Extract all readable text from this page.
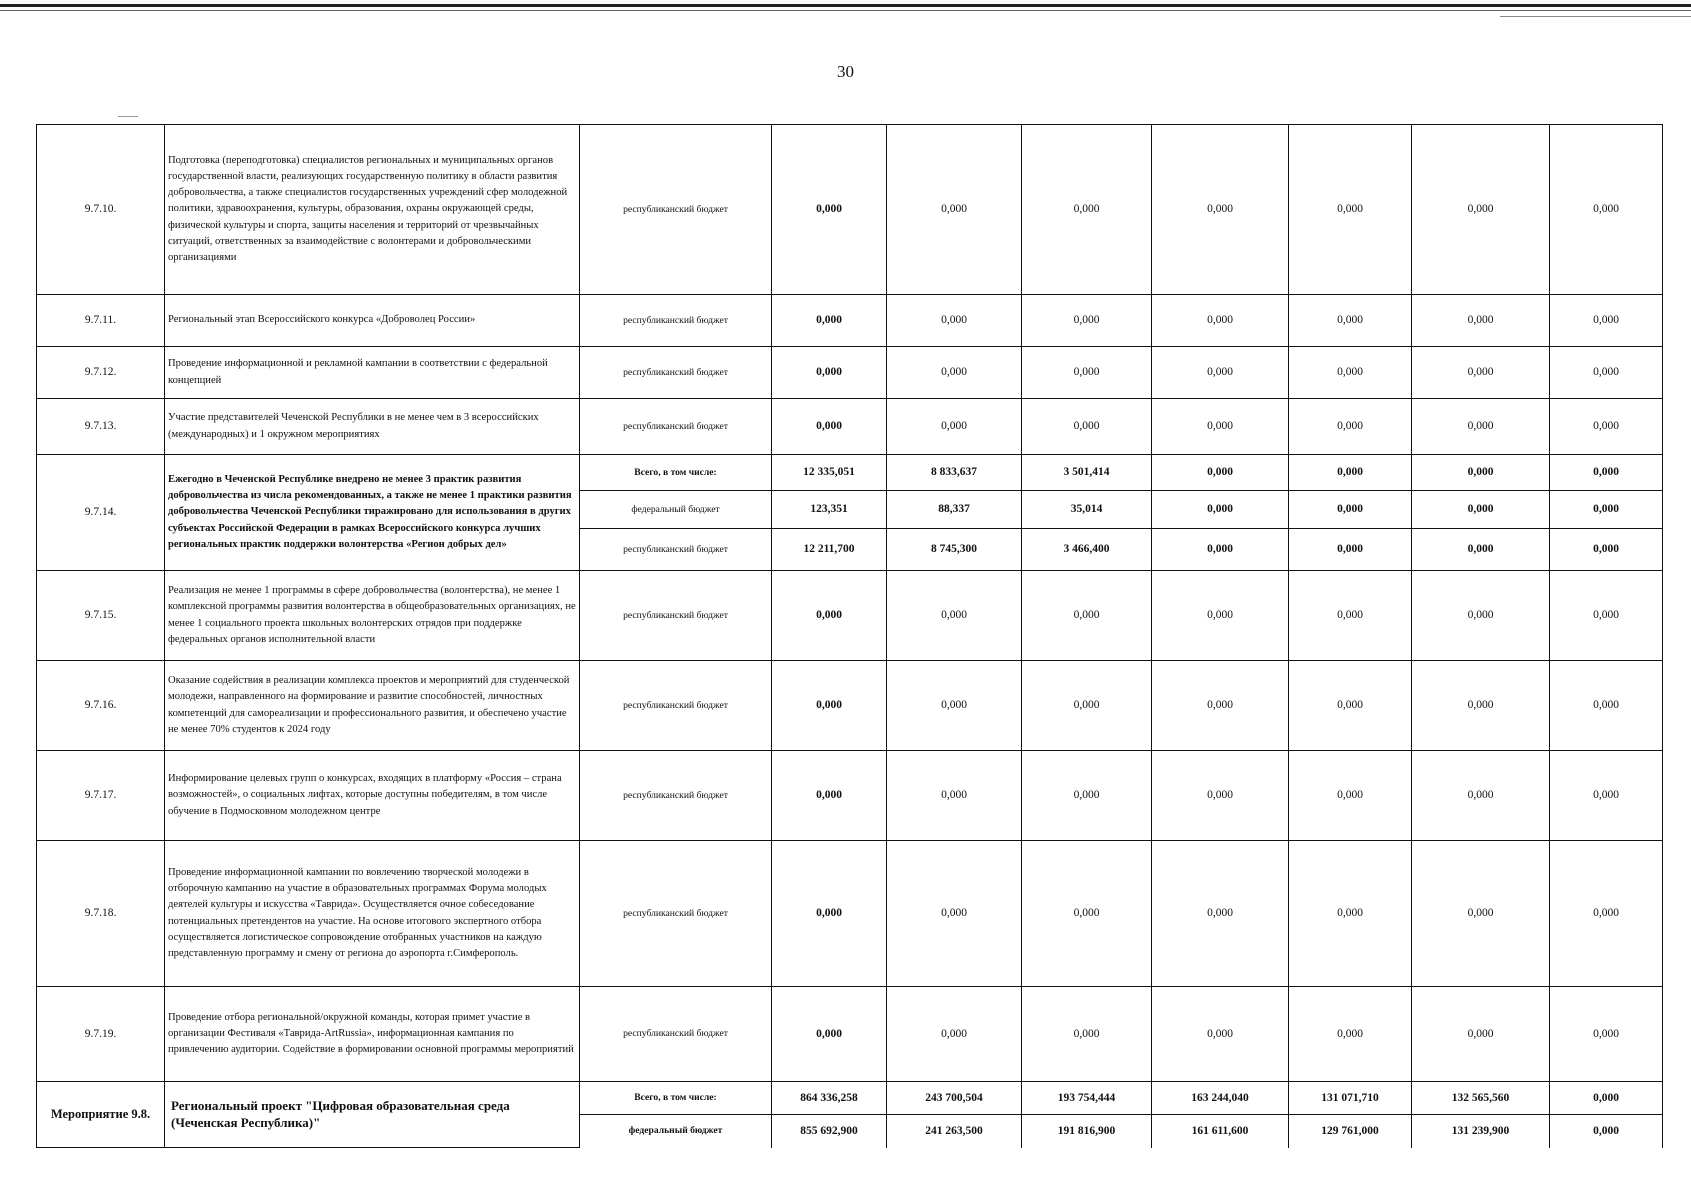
30
9.7.10.	Подготовка (переподготовка) специалистов региональных и муниципальных органов государственной власти, реализующих государственную политику в области развития добровольчества, а также специалистов государственных учреждений сфер молодежной политики, здравоохранения, культуры, образования, охраны окружающей среды, физической культуры и спорта, защиты населения и территорий от чрезвычайных ситуаций, ответственных за взаимодействие с волонтерами и добровольческими организациями	республиканский бюджет	0,000	0,000	0,000	0,000	0,000	0,000	0,000
9.7.11.	Региональный этап Всероссийского конкурса «Доброволец России»	республиканский бюджет	0,000	0,000	0,000	0,000	0,000	0,000	0,000
9.7.12.	Проведение информационной и рекламной кампании в соответствии с федеральной концепцией	республиканский бюджет	0,000	0,000	0,000	0,000	0,000	0,000	0,000
9.7.13.	Участие представителей Чеченской Республики в не менее чем в 3 всероссийских (международных) и 1 окружном мероприятиях	республиканский бюджет	0,000	0,000	0,000	0,000	0,000	0,000	0,000
9.7.14.	Ежегодно в Чеченской Республике внедрено не менее 3 практик развития добровольчества из числа рекомендованных, а также не менее 1 практики развития добровольчества Чеченской Республики тиражировано для использования в других субъектах Российской Федерации в рамках Всероссийского конкурса лучших региональных практик поддержки волонтерства «Регион добрых дел»	Всего, в том числе:	12 335,051	8 833,637	3 501,414	0,000	0,000	0,000	0,000
		федеральный бюджет	123,351	88,337	35,014	0,000	0,000	0,000	0,000
		республиканский бюджет	12 211,700	8 745,300	3 466,400	0,000	0,000	0,000	0,000
9.7.15.	Реализация не менее 1 программы в сфере добровольчества (волонтерства), не менее 1 комплексной программы развития волонтерства в общеобразовательных организациях, не менее 1 социального проекта школьных волонтерских отрядов при поддержке федеральных органов исполнительной власти	республиканский бюджет	0,000	0,000	0,000	0,000	0,000	0,000	0,000
9.7.16.	Оказание содействия в реализации комплекса проектов и мероприятий для студенческой молодежи, направленного на формирование и развитие способностей, личностных компетенций для самореализации и профессионального развития, и обеспечено участие не менее 70% студентов к 2024 году	республиканский бюджет	0,000	0,000	0,000	0,000	0,000	0,000	0,000
9.7.17.	Информирование целевых групп о конкурсах, входящих в платформу «Россия – страна возможностей», о социальных лифтах, которые доступны победителям, в том числе обучение в Подмосковном молодежном центре	республиканский бюджет	0,000	0,000	0,000	0,000	0,000	0,000	0,000
9.7.18.	Проведение информационной кампании по вовлечению творческой молодежи в отборочную кампанию на участие в образовательных программах Форума молодых деятелей культуры и искусства «Таврида». Осуществляется очное собеседование потенциальных претендентов на участие. На основе итогового экспертного отбора осуществляется логистическое сопровождение отобранных участников на каждую представленную программу и смену от региона до аэропорта г.Симферополь.	республиканский бюджет	0,000	0,000	0,000	0,000	0,000	0,000	0,000
9.7.19.	Проведение отбора региональной/окружной команды, которая примет участие в организации Фестиваля «Таврида-ArtRussia», информационная кампания по привлечению аудитории. Содействие в формировании основной программы мероприятий	республиканский бюджет	0,000	0,000	0,000	0,000	0,000	0,000	0,000
Мероприятие 9.8.	Региональный проект "Цифровая образовательная среда (Чеченская Республика)"	Всего, в том числе:	864 336,258	243 700,504	193 754,444	163 244,040	131 071,710	132 565,560	0,000
		федеральный бюджет	855 692,900	241 263,500	191 816,900	161 611,600	129 761,000	131 239,900	0,000
